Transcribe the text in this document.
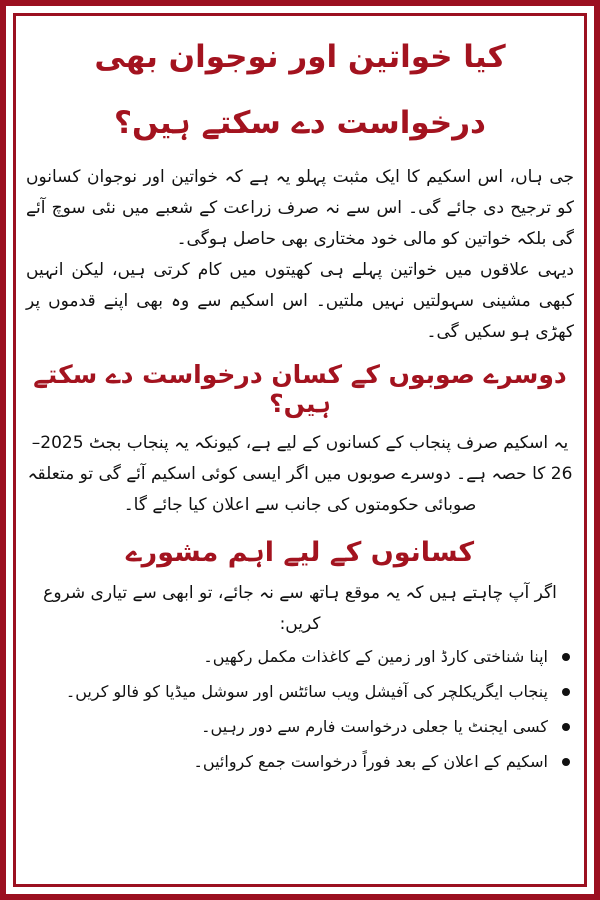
کیا خواتین اور نوجوان بھی درخواست دے سکتے ہیں؟

جی ہاں، اس اسکیم کا ایک مثبت پہلو یہ ہے کہ خواتین اور نوجوان کسانوں کو ترجیح دی جائے گی۔ اس سے نہ صرف زراعت کے شعبے میں نئی سوچ آئے گی بلکہ خواتین کو مالی خود مختاری بھی حاصل ہوگی۔

دیہی علاقوں میں خواتین پہلے ہی کھیتوں میں کام کرتی ہیں، لیکن انہیں کبھی مشینی سہولتیں نہیں ملتیں۔ اس اسکیم سے وہ بھی اپنے قدموں پر کھڑی ہو سکیں گی۔

دوسرے صوبوں کے کسان درخواست دے سکتے ہیں؟

یہ اسکیم صرف پنجاب کے کسانوں کے لیے ہے، کیونکہ یہ پنجاب بجٹ 2025–26 کا حصہ ہے۔ دوسرے صوبوں میں اگر ایسی کوئی اسکیم آئے گی تو متعلقہ صوبائی حکومتوں کی جانب سے اعلان کیا جائے گا۔

کسانوں کے لیے اہم مشورے

اگر آپ چاہتے ہیں کہ یہ موقع ہاتھ سے نہ جائے، تو ابھی سے تیاری شروع کریں:

اپنا شناختی کارڈ اور زمین کے کاغذات مکمل رکھیں۔
پنجاب ایگریکلچر کی آفیشل ویب سائٹس اور سوشل میڈیا کو فالو کریں۔
کسی ایجنٹ یا جعلی درخواست فارم سے دور رہیں۔
اسکیم کے اعلان کے بعد فوراً درخواست جمع کروائیں۔
